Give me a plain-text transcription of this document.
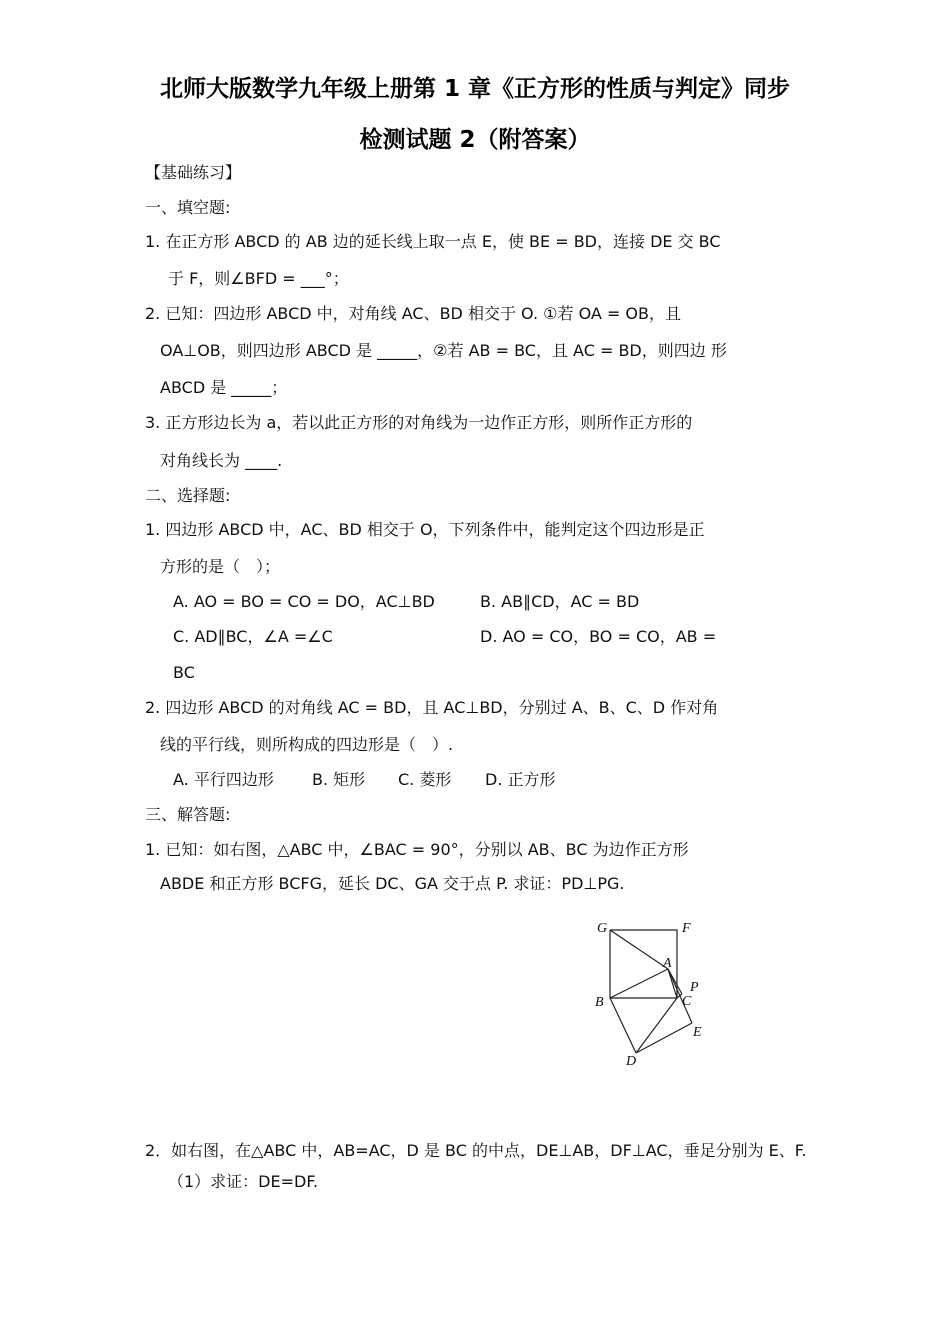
北师大版数学九年级上册第 1 章《正方形的性质与判定》同步
检测试题 2（附答案）
【基础练习】
一、填空题:
1. 在正方形 ABCD 的 AB 边的延长线上取一点 E，使 BE = BD，连接 DE 交 BC
于 F，则∠BFD = ___°；
2. 已知：四边形 ABCD 中，对角线 AC、BD 相交于 O. ①若 OA = OB，且
OA⊥OB，则四边形 ABCD 是 _____，②若 AB = BC，且 AC = BD，则四边 形
ABCD 是 _____；
3. 正方形边长为 a，若以此正方形的对角线为一边作正方形，则所作正方形的
对角线长为 ____.
二、选择题:
1. 四边形 ABCD 中，AC、BD 相交于 O，下列条件中，能判定这个四边形是正
方形的是（　）；
A. AO = BO = CO = DO，AC⊥BD	B. AB∥CD，AC = BD
C. AD∥BC，∠A =∠C	D. AO = CO，BO = CO，AB =
BC
2. 四边形 ABCD 的对角线 AC = BD，且 AC⊥BD，分别过 A、B、C、D 作对角
线的平行线，则所构成的四边形是（　）.
A. 平行四边形 B. 矩形 C. 菱形 D. 正方形
三、解答题:
1. 已知：如右图，△ABC 中，∠BAC = 90°，分别以 AB、BC 为边作正方形
ABDE 和正方形 BCFG，延长 DC、GA 交于点 P. 求证：PD⊥PG.
G	F
A
P
B	C
E
D
2．如右图，在△ABC 中，AB=AC，D 是 BC 的中点，DE⊥AB，DF⊥AC，垂足分别为 E、F.
（1）求证：DE=DF.
